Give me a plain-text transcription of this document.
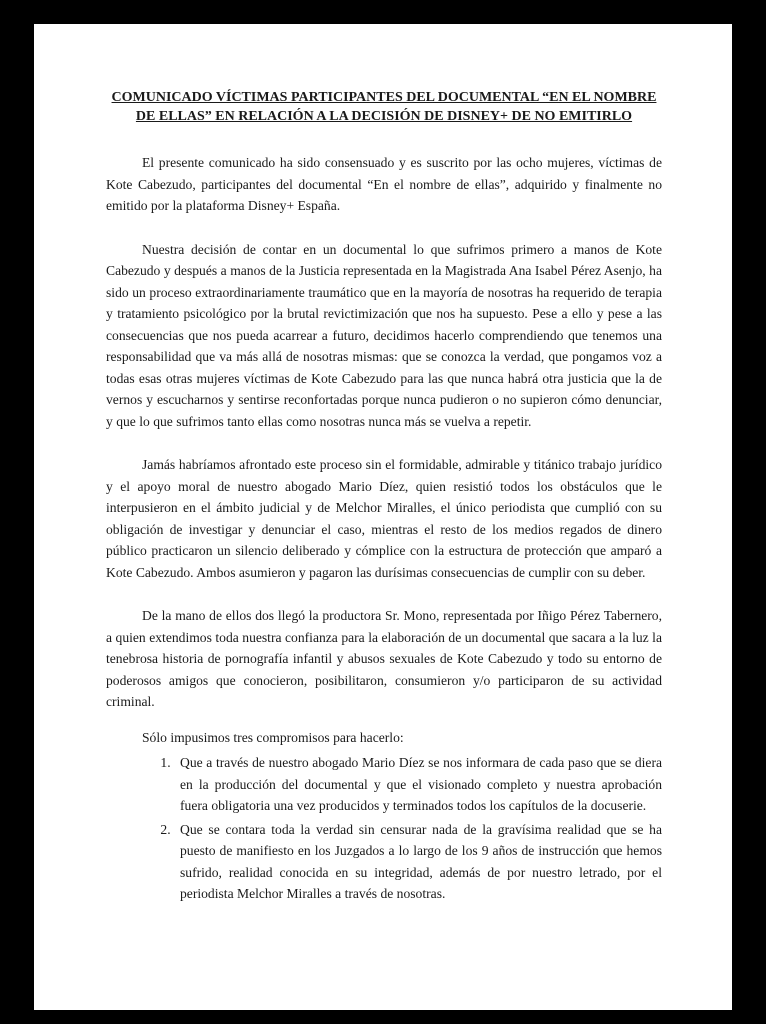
COMUNICADO VÍCTIMAS PARTICIPANTES DEL DOCUMENTAL “EN EL NOMBRE
DE ELLAS” EN RELACIÓN A LA DECISIÓN DE DISNEY+ DE NO EMITIRLO

El presente comunicado ha sido consensuado y es suscrito por las ocho mujeres, víctimas de Kote Cabezudo, participantes del documental “En el nombre de ellas”, adquirido y finalmente no emitido por la plataforma Disney+ España.

Nuestra decisión de contar en un documental lo que sufrimos primero a manos de Kote Cabezudo y después a manos de la Justicia representada en la Magistrada Ana Isabel Pérez Asenjo, ha sido un proceso extraordinariamente traumático que en la mayoría de nosotras ha requerido de terapia y tratamiento psicológico por la brutal revictimización que nos ha supuesto. Pese a ello y pese a las consecuencias que nos pueda acarrear a futuro, decidimos hacerlo comprendiendo que tenemos una responsabilidad que va más allá de nosotras mismas: que se conozca la verdad, que pongamos voz a todas esas otras mujeres víctimas de Kote Cabezudo para las que nunca habrá otra justicia que la de vernos y escucharnos y sentirse reconfortadas porque nunca pudieron o no supieron cómo denunciar, y que lo que sufrimos tanto ellas como nosotras nunca más se vuelva a repetir.

Jamás habríamos afrontado este proceso sin el formidable, admirable y titánico trabajo jurídico y el apoyo moral de nuestro abogado Mario Díez, quien resistió todos los obstáculos que le interpusieron en el ámbito judicial y de Melchor Miralles, el único periodista que cumplió con su obligación de investigar y denunciar el caso, mientras el resto de los medios regados de dinero público practicaron un silencio deliberado y cómplice con la estructura de protección que amparó a Kote Cabezudo. Ambos asumieron y pagaron las durísimas consecuencias de cumplir con su deber.

De la mano de ellos dos llegó la productora Sr. Mono, representada por Iñigo Pérez Tabernero, a quien extendimos toda nuestra confianza para la elaboración de un documental que sacara a la luz la tenebrosa historia de pornografía infantil y abusos sexuales de Kote Cabezudo y todo su entorno de poderosos amigos que conocieron, posibilitaron, consumieron y/o participaron de su actividad criminal.

Sólo impusimos tres compromisos para hacerlo:
1. Que a través de nuestro abogado Mario Díez se nos informara de cada paso que se diera en la producción del documental y que el visionado completo y nuestra aprobación fuera obligatoria una vez producidos y terminados todos los capítulos de la docuserie.
2. Que se contara toda la verdad sin censurar nada de la gravísima realidad que se ha puesto de manifiesto en los Juzgados a lo largo de los 9 años de instrucción que hemos sufrido, realidad conocida en su integridad, además de por nuestro letrado, por el periodista Melchor Miralles a través de nosotras.
